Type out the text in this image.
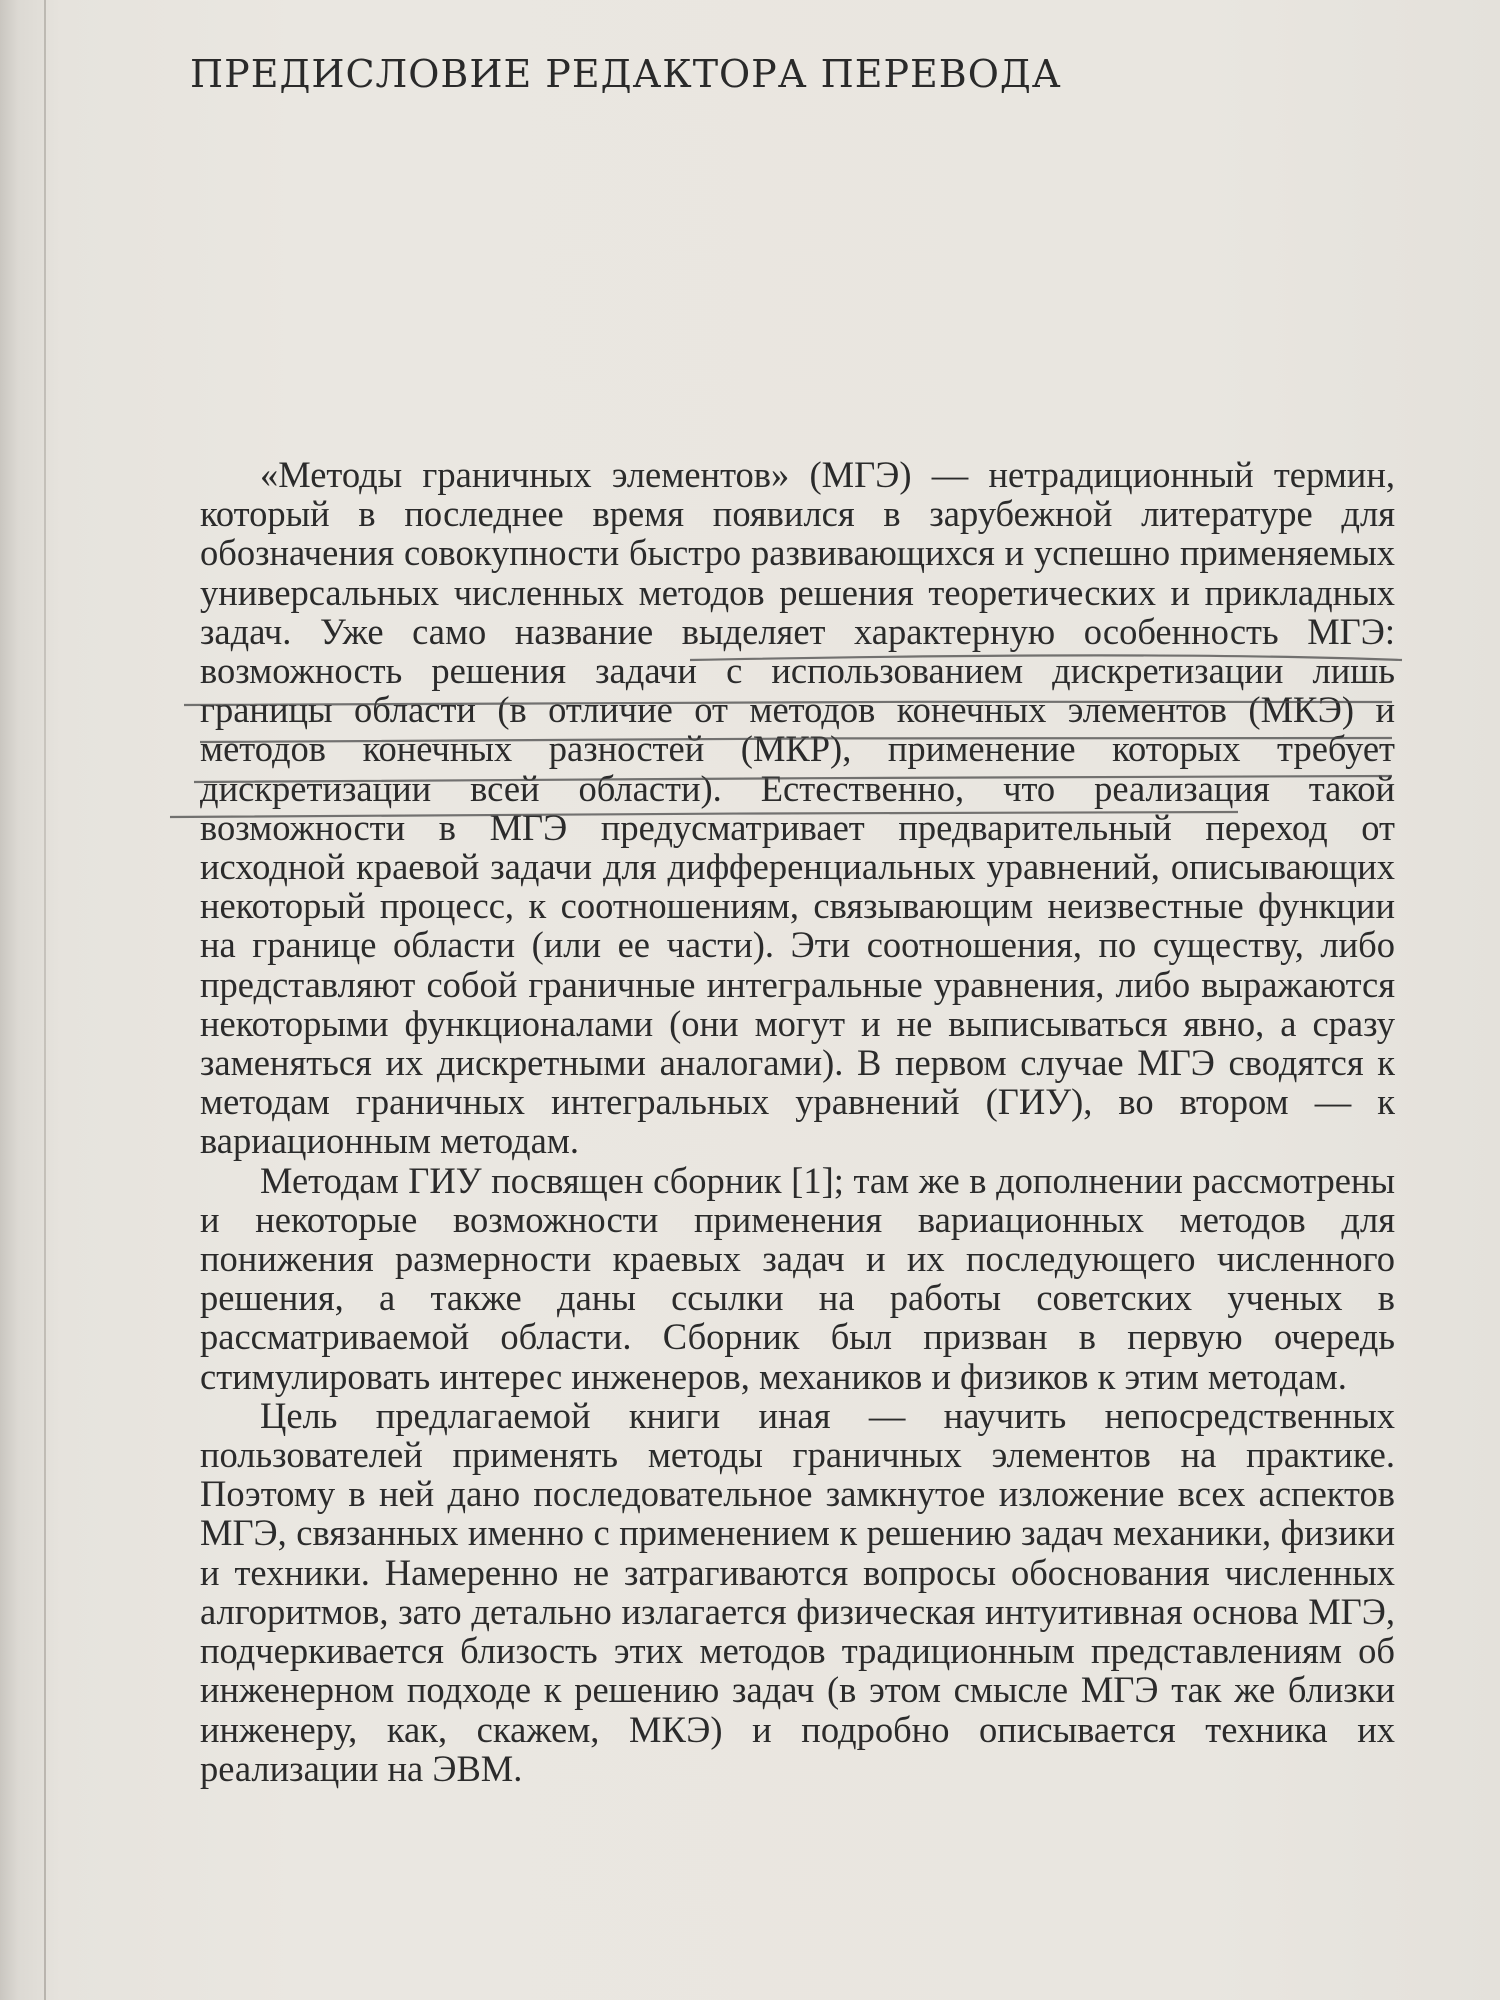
ПРЕДИСЛОВИЕ РЕДАКТОРА ПЕРЕВОДА

«Методы граничных элементов» (МГЭ) — нетрадиционный термин, который в последнее время появился в зарубежной литературе для обозначения совокупности быстро развивающихся и успешно применяемых универсальных численных методов решения теоретических и прикладных задач. Уже само название выделяет характерную особенность МГЭ: возможность решения задачи с использованием дискретизации лишь границы области (в отличие от методов конечных элементов (МКЭ) и методов конечных разностей (МКР), применение которых требует дискретизации всей области). Естественно, что реализация такой возможности в МГЭ предусматривает предварительный переход от исходной краевой задачи для дифференциальных уравнений, описывающих некоторый процесс, к соотношениям, связывающим неизвестные функции на границе области (или ее части). Эти соотношения, по существу, либо представляют собой граничные интегральные уравнения, либо выражаются некоторыми функционалами (они могут и не выписываться явно, а сразу заменяться их дискретными аналогами). В первом случае МГЭ сводятся к методам граничных интегральных уравнений (ГИУ), во втором — к вариационным методам.

Методам ГИУ посвящен сборник [1]; там же в дополнении рассмотрены и некоторые возможности применения вариационных методов для понижения размерности краевых задач и их последующего численного решения, а также даны ссылки на работы советских ученых в рассматриваемой области. Сборник был призван в первую очередь стимулировать интерес инженеров, механиков и физиков к этим методам.

Цель предлагаемой книги иная — научить непосредственных пользователей применять методы граничных элементов на практике. Поэтому в ней дано последовательное замкнутое изложение всех аспектов МГЭ, связанных именно с применением к решению задач механики, физики и техники. Намеренно не затрагиваются вопросы обоснования численных алгоритмов, зато детально излагается физическая интуитивная основа МГЭ, подчеркивается близость этих методов традиционным представлениям об инженерном подходе к решению задач (в этом смысле МГЭ так же близки инженеру, как, скажем, МКЭ) и подробно описывается техника их реализации на ЭВМ.
